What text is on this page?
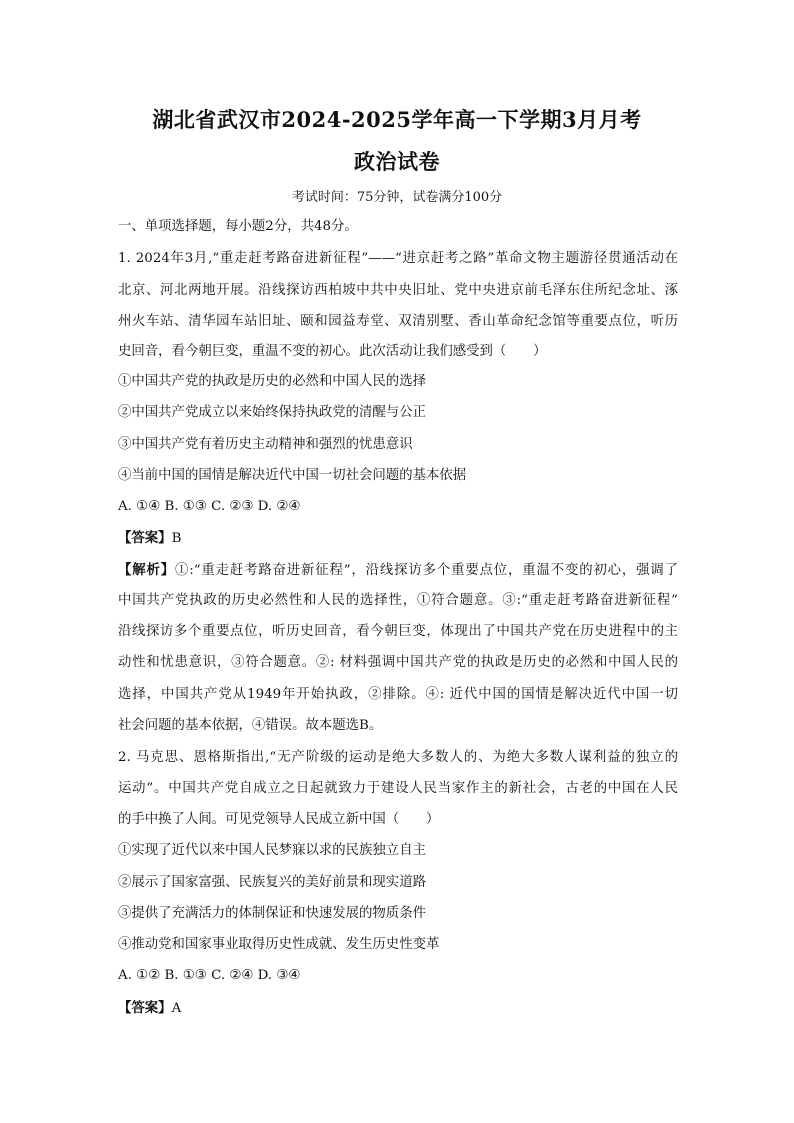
湖北省武汉市2024-2025学年高一下学期3月月考
政治试卷
考试时间：75分钟，试卷满分100分
一、单项选择题，每小题2分，共48分。
1. 2024年3月,“重走赶考路奋进新征程”——“进京赶考之路”革命文物主题游径贯通活动在
北京、河北两地开展。沿线探访西柏坡中共中央旧址、党中央进京前毛泽东住所纪念址、涿
州火车站、清华园车站旧址、颐和园益寿堂、双清别墅、香山革命纪念馆等重要点位，听历
史回音，看今朝巨变，重温不变的初心。此次活动让我们感受到（　　）
①中国共产党的执政是历史的必然和中国人民的选择
②中国共产党成立以来始终保持执政党的清醒与公正
③中国共产党有着历史主动精神和强烈的忧患意识
④当前中国的国情是解决近代中国一切社会问题的基本依据
A. ①④ B. ①③ C. ②③ D. ②④
【答案】B
【解析】①:“重走赶考路奋进新征程”，沿线探访多个重要点位，重温不变的初心，强调了
中国共产党执政的历史必然性和人民的选择性，①符合题意。③:“重走赶考路奋进新征程”
沿线探访多个重要点位，听历史回音，看今朝巨变，体现出了中国共产党在历史进程中的主
动性和忧患意识，③符合题意。②: 材料强调中国共产党的执政是历史的必然和中国人民的
选择，中国共产党从1949年开始执政，②排除。④: 近代中国的国情是解决近代中国一切
社会问题的基本依据，④错误。故本题选B。
2. 马克思、恩格斯指出,“无产阶级的运动是绝大多数人的、为绝大多数人谋利益的独立的
运动”。中国共产党自成立之日起就致力于建设人民当家作主的新社会，古老的中国在人民
的手中换了人间。可见党领导人民成立新中国（　　）
①实现了近代以来中国人民梦寐以求的民族独立自主
②展示了国家富强、民族复兴的美好前景和现实道路
③提供了充满活力的体制保证和快速发展的物质条件
④推动党和国家事业取得历史性成就、发生历史性变革
A. ①② B. ①③ C. ②④ D. ③④
【答案】A
